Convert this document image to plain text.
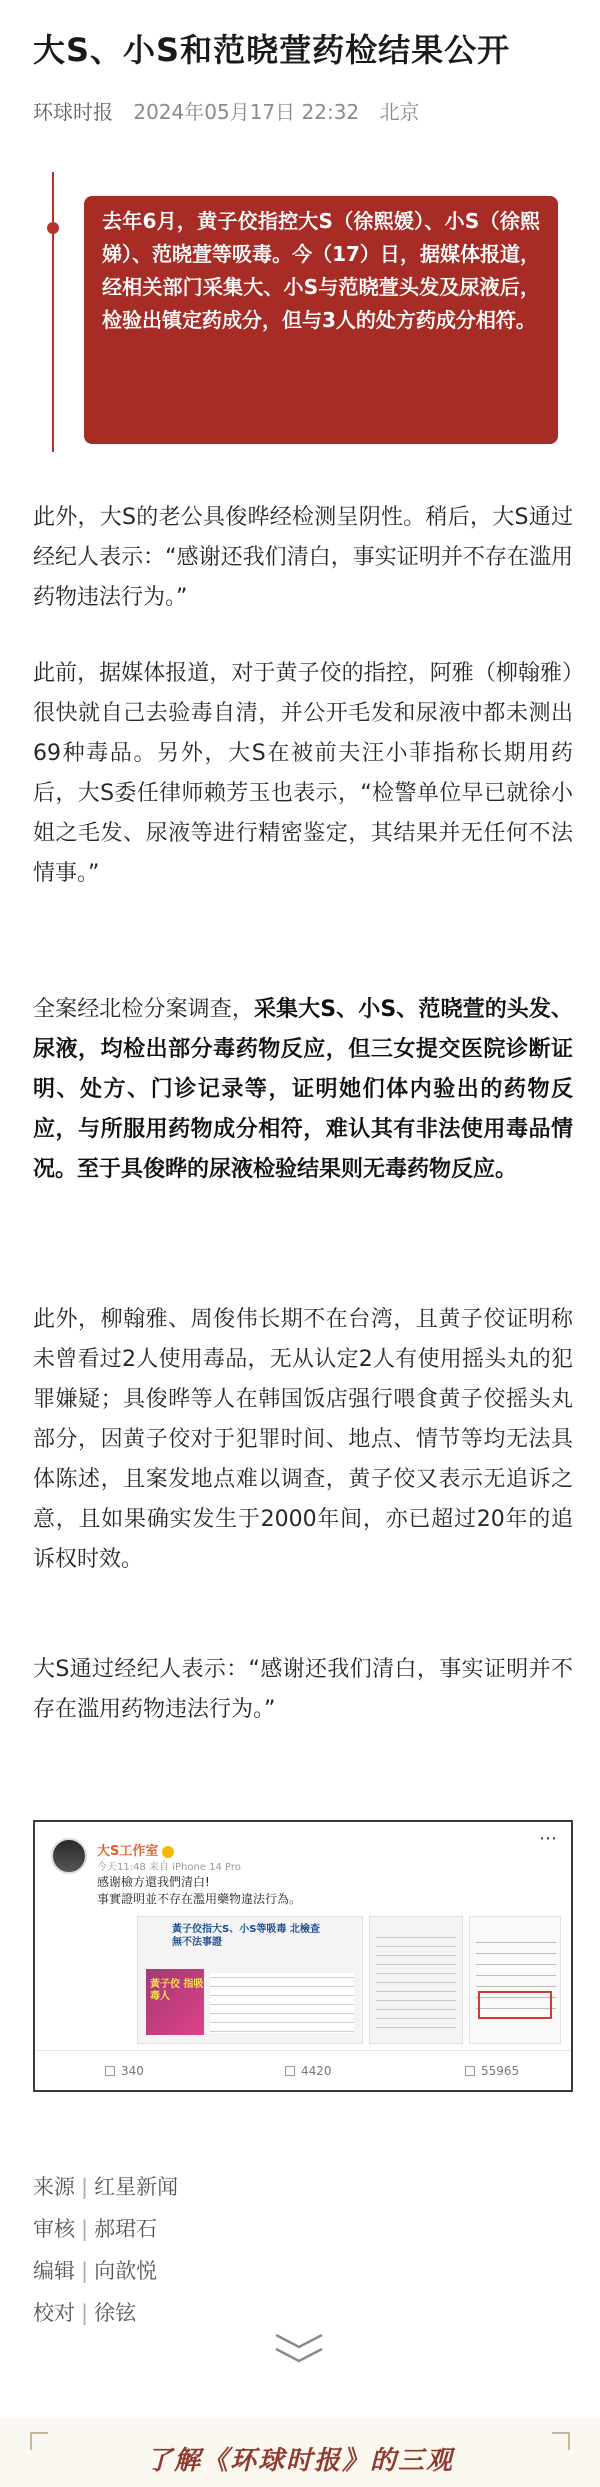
大S、小S和范晓萱药检结果公开
环球时报 2024年05月17日 22:32 北京
去年6月，黄子佼指控大S（徐熙媛）、小S（徐熙娣）、范晓萱等吸毒。今（17）日，据媒体报道，经相关部门采集大、小S与范晓萱头发及尿液后，检验出镇定药成分，但与3人的处方药成分相符。

此外，大S的老公具俊晔经检测呈阴性。稍后，大S通过经纪人表示：“感谢还我们清白，事实证明并不存在滥用药物违法行为。”

此前，据媒体报道，对于黄子佼的指控，阿雅（柳翰雅）很快就自己去验毒自清，并公开毛发和尿液中都未测出69种毒品。另外，大S在被前夫汪小菲指称长期用药后，大S委任律师赖芳玉也表示，“检警单位早已就徐小姐之毛发、尿液等进行精密鉴定，其结果并无任何不法情事。”

全案经北检分案调查，采集大S、小S、范晓萱的头发、尿液，均检出部分毒药物反应，但三女提交医院诊断证明、处方、门诊记录等，证明她们体内验出的药物反应，与所服用药物成分相符，难认其有非法使用毒品情况。至于具俊晔的尿液检验结果则无毒药物反应。

此外，柳翰雅、周俊伟长期不在台湾，且黄子佼证明称未曾看过2人使用毒品，无从认定2人有使用摇头丸的犯罪嫌疑；具俊晔等人在韩国饭店强行喂食黄子佼摇头丸部分，因黄子佼对于犯罪时间、地点、情节等均无法具体陈述，且案发地点难以调查，黄子佼又表示无追诉之意，且如果确实发生于2000年间，亦已超过20年的追诉权时效。

大S通过经纪人表示：“感谢还我们清白，事实证明并不存在滥用药物违法行为。”

⋯
大S工作室
今天11:48 来自 iPhone 14 Pro
感谢檢方還我們清白!
事實證明並不存在濫用藥物違法行為。
黃子佼指大S、小S等吸毒 北檢查無不法事證
黃子佼 指吸毒人
340	4420	55965
来源 | 红星新闻
审核 | 郝珺石
编辑 | 向歆悦
校对 | 徐铉
了解《环球时报》的三观
